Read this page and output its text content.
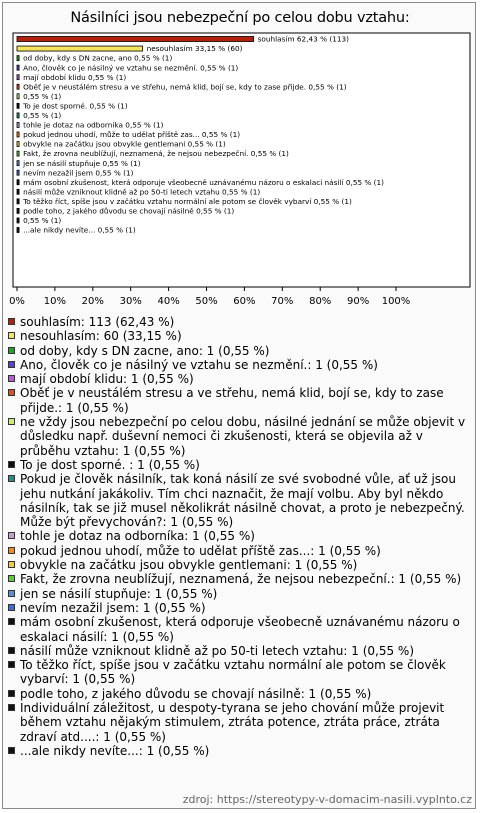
Násilníci jsou nebezpeční po celou dobu vztahu:
souhlasím 62,43 % (113)
nesouhlasím 33,15 % (60)
od doby, kdy s DN zacne, ano 0,55 % (1)
Ano, člověk co je násilný ve vztahu se nezmění. 0,55 % (1)
mají období klidu 0,55 % (1)
Oběť je v neustálém stresu a ve střehu, nemá klid, bojí se, kdy to zase přijde. 0,55 % (1)
0,55 % (1)
To je dost sporné. 0,55 % (1)
0,55 % (1)
tohle je dotaz na odborníka 0,55 % (1)
pokud jednou uhodí, může to udělat příště zas... 0,55 % (1)
obvykle na začátku jsou obvykle gentlemani 0,55 % (1)
Fakt, že zrovna neublížují, neznamená, že nejsou nebezpeční. 0,55 % (1)
jen se násilí stupňuje 0,55 % (1)
nevím nezažil jsem 0,55 % (1)
mám osobní zkušenost, která odporuje všeobecně uznávanému názoru o eskalaci násilí 0,55 % (1)
násilí může vzniknout klidně až po 50-ti letech vztahu 0,55 % (1)
To těžko říct, spíše jsou v začátku vztahu normální ale potom se člověk vybarví 0,55 % (1)
podle toho, z jakého důvodu se chovají násilně 0,55 % (1)
0,55 % (1)
...ale nikdy nevíte... 0,55 % (1)
0% 10% 20% 30% 40% 50% 60% 70% 80% 90% 100%
souhlasím: 113 (62,43 %)
nesouhlasím: 60 (33,15 %)
od doby, kdy s DN zacne, ano: 1 (0,55 %)
Ano, člověk co je násilný ve vztahu se nezmění.: 1 (0,55 %)
mají období klidu: 1 (0,55 %)
Oběť je v neustálém stresu a ve střehu, nemá klid, bojí se, kdy to zase přijde.: 1 (0,55 %)
ne vždy jsou nebezpeční po celou dobu, násilné jednání se může objevit v důsledku např. duševní nemoci či zkušenosti, která se objevila až v průběhu vztahu: 1 (0,55 %)
To je dost sporné. : 1 (0,55 %)
Pokud je člověk násilník, tak koná násilí ze své svobodné vůle, ať už jsou jehu nutkání jakákoliv. Tím chci naznačit, že mají volbu. Aby byl někdo násilník, tak se již musel několikrát násilně chovat, a proto je nebezpečný. Může být převychován?: 1 (0,55 %)
tohle je dotaz na odborníka: 1 (0,55 %)
pokud jednou uhodí, může to udělat příště zas...: 1 (0,55 %)
obvykle na začátku jsou obvykle gentlemani: 1 (0,55 %)
Fakt, že zrovna neublížují, neznamená, že nejsou nebezpeční.: 1 (0,55 %)
jen se násilí stupňuje: 1 (0,55 %)
nevím nezažil jsem: 1 (0,55 %)
mám osobní zkušenost, která odporuje všeobecně uznávanému názoru o eskalaci násilí: 1 (0,55 %)
násilí může vzniknout klidně až po 50-ti letech vztahu: 1 (0,55 %)
To těžko říct, spíše jsou v začátku vztahu normální ale potom se člověk vybarví: 1 (0,55 %)
podle toho, z jakého důvodu se chovají násilně: 1 (0,55 %)
Individuální záležitost, u despoty-tyrana se jeho chování může projevit během vztahu nějakým stimulem, ztráta potence, ztráta práce, ztráta zdraví atd....: 1 (0,55 %)
...ale nikdy nevíte...: 1 (0,55 %)
zdroj: https://stereotypy-v-domacim-nasili.vyplnto.cz
